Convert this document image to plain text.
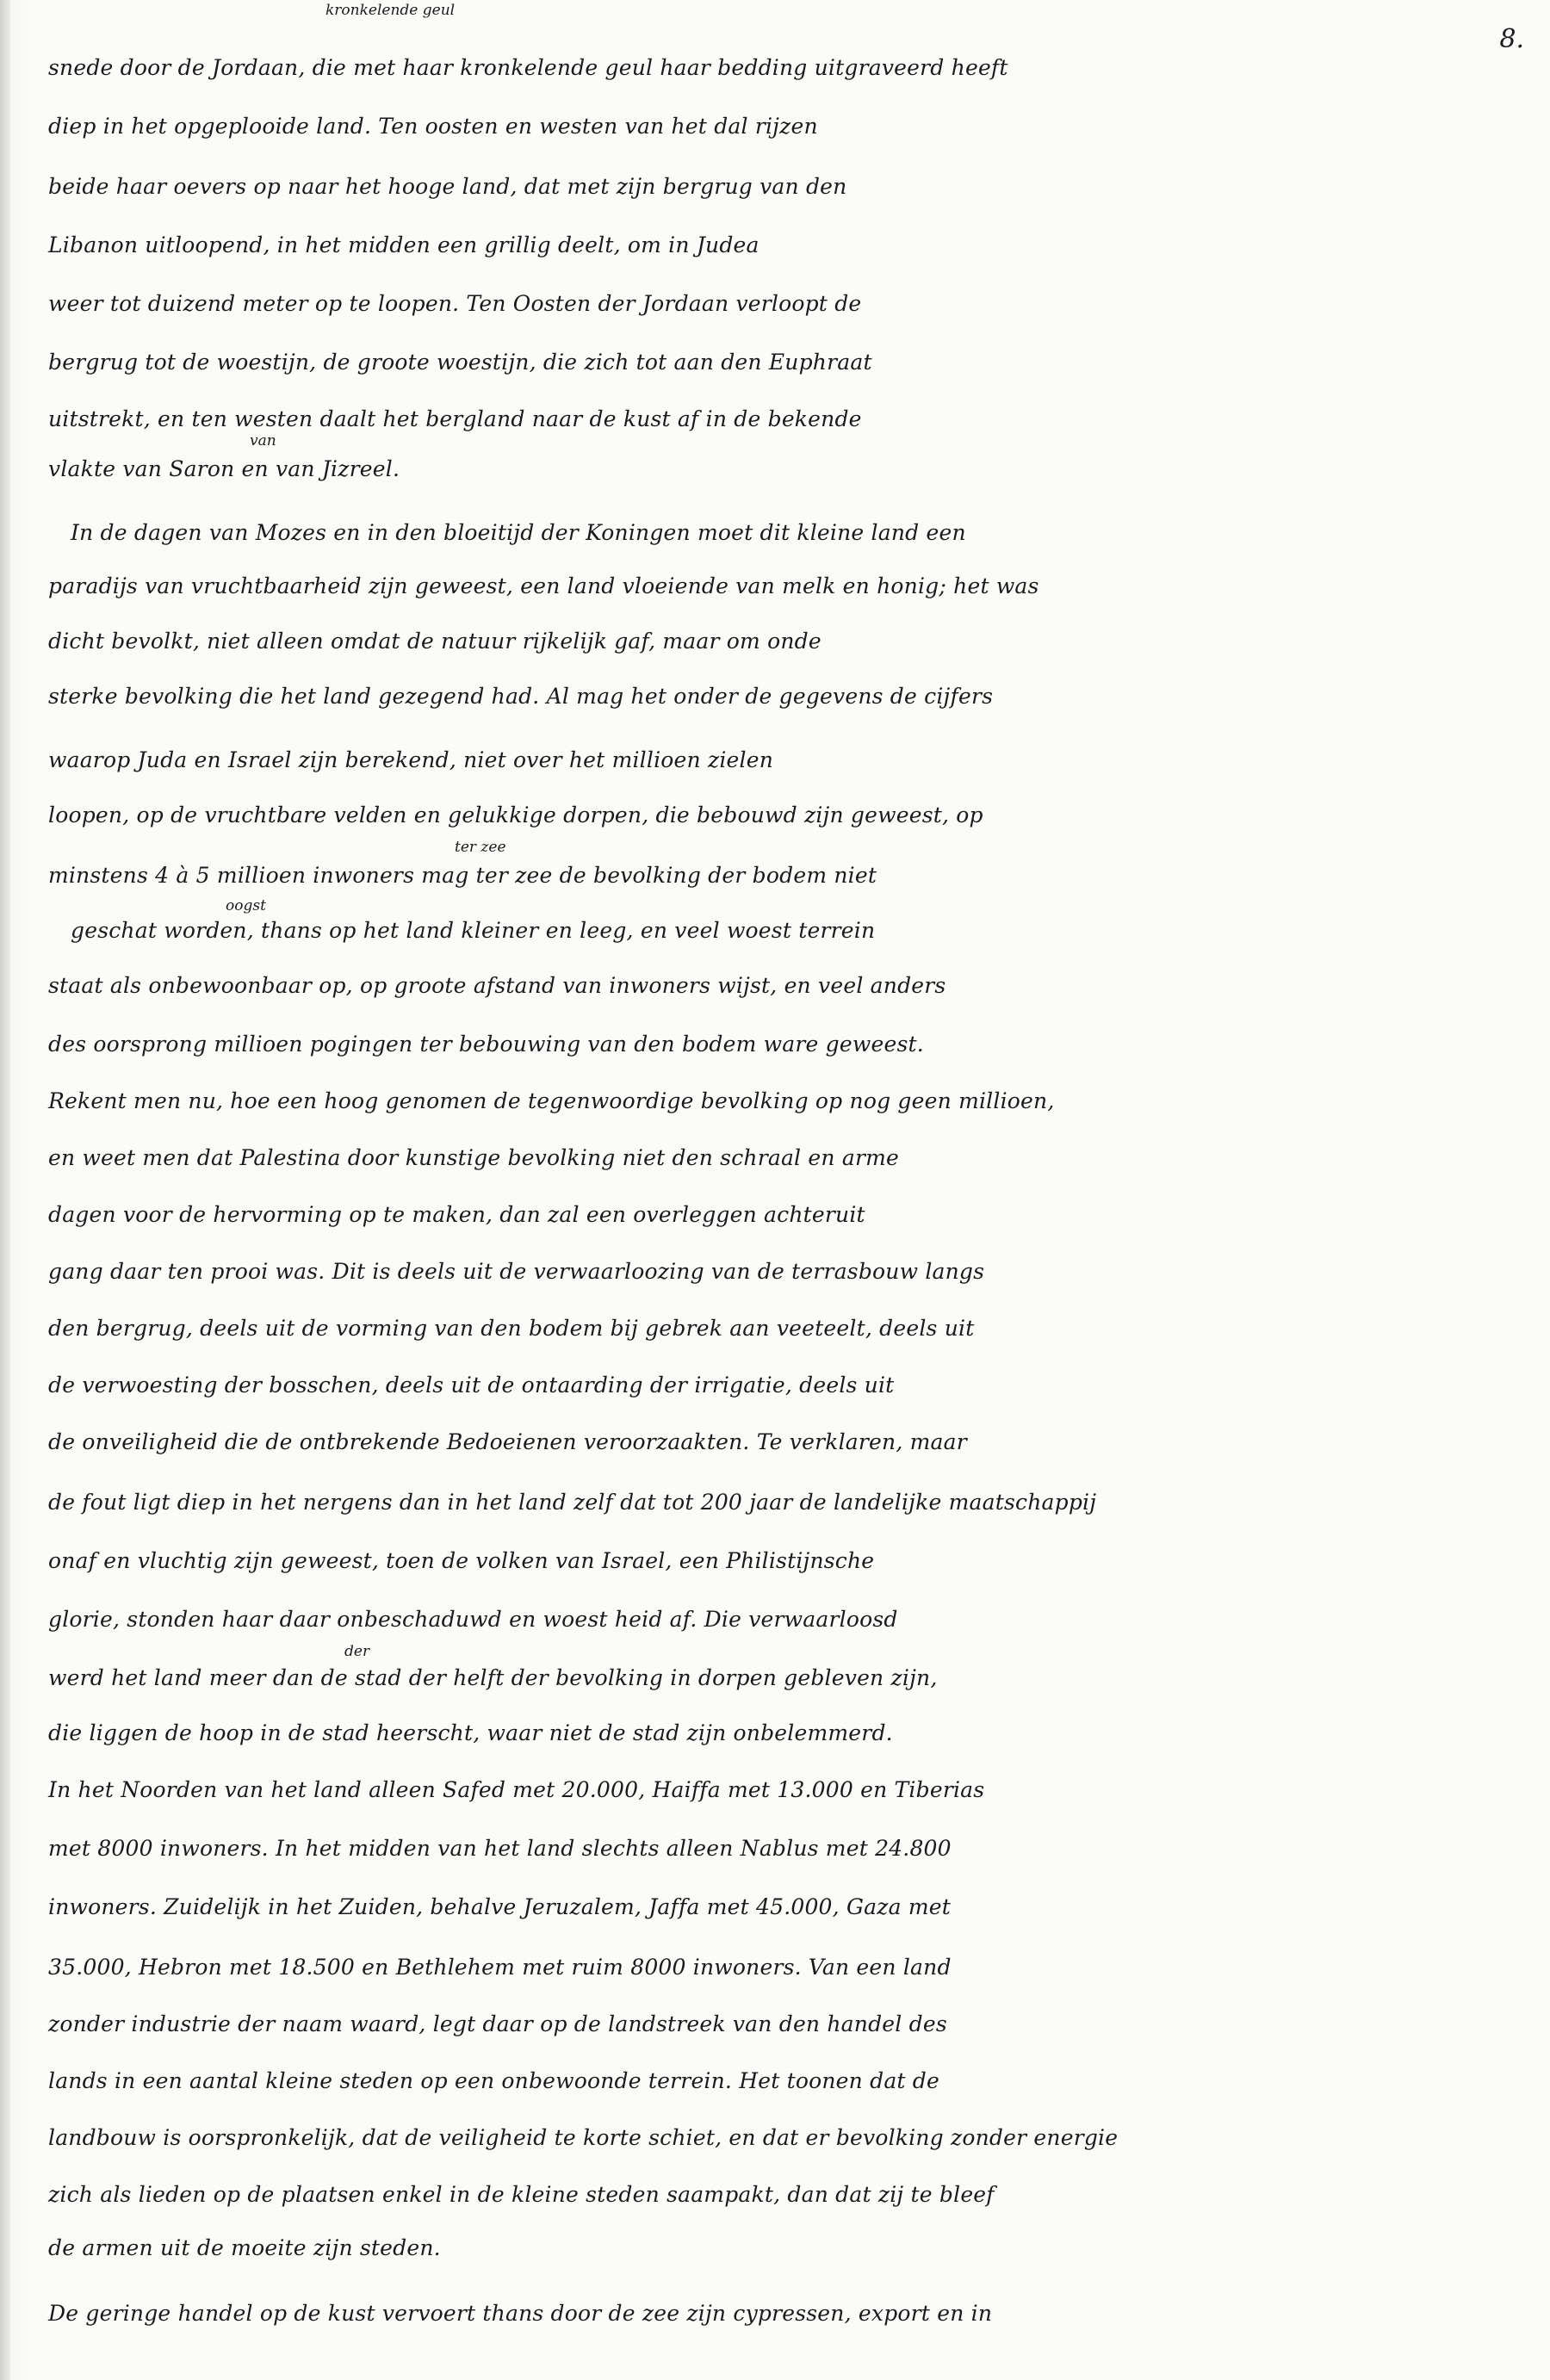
8.
kronkelende geul
van
oogst
ter zee
der
snede door de Jordaan, die met haar kronkelende geul haar bedding uitgraveerd heeft
diep in het opgeplooide land. Ten oosten en westen van het dal rijzen
beide haar oevers op naar het hooge land, dat met zijn bergrug van den
Libanon uitloopend, in het midden een grillig deelt, om in Judea
weer tot duizend meter op te loopen. Ten Oosten der Jordaan verloopt de
bergrug tot de woestijn, de groote woestijn, die zich tot aan den Euphraat
uitstrekt, en ten westen daalt het bergland naar de kust af in de bekende
vlakte van Saron en van Jizreel.
In de dagen van Mozes en in den bloeitijd der Koningen moet dit kleine land een
paradijs van vruchtbaarheid zijn geweest, een land vloeiende van melk en honig; het was
dicht bevolkt, niet alleen omdat de natuur rijkelijk gaf, maar om onde
sterke bevolking die het land gezegend had. Al mag het onder de gegevens de cijfers
waarop Juda en Israel zijn berekend, niet over het millioen zielen
loopen, op de vruchtbare velden en gelukkige dorpen, die bebouwd zijn geweest, op
minstens 4 à 5 millioen inwoners mag ter zee de bevolking der bodem niet
geschat worden, thans op het land kleiner en leeg, en veel woest terrein
staat als onbewoonbaar op, op groote afstand van inwoners wijst, en veel anders
des oorsprong millioen pogingen ter bebouwing van den bodem ware geweest.
Rekent men nu, hoe een hoog genomen de tegenwoordige bevolking op nog geen millioen,
en weet men dat Palestina door kunstige bevolking niet den schraal en arme
dagen voor de hervorming op te maken, dan zal een overleggen achteruit
gang daar ten prooi was. Dit is deels uit de verwaarloozing van de terrasbouw langs
den bergrug, deels uit de vorming van den bodem bij gebrek aan veeteelt, deels uit
de verwoesting der bosschen, deels uit de ontaarding der irrigatie, deels uit
de onveiligheid die de ontbrekende Bedoeienen veroorzaakten. Te verklaren, maar
de fout ligt diep in het nergens dan in het land zelf dat tot 200 jaar de landelijke maatschappij
onaf en vluchtig zijn geweest, toen de volken van Israel, een Philistijnsche
glorie, stonden haar daar onbeschaduwd en woest heid af. Die verwaarloosd
werd het land meer dan de stad der helft der bevolking in dorpen gebleven zijn,
die liggen de hoop in de stad heerscht, waar niet de stad zijn onbelemmerd.
In het Noorden van het land alleen Safed met 20.000, Haiffa met 13.000 en Tiberias
met 8000 inwoners. In het midden van het land slechts alleen Nablus met 24.800
inwoners. Zuidelijk in het Zuiden, behalve Jeruzalem, Jaffa met 45.000, Gaza met
35.000, Hebron met 18.500 en Bethlehem met ruim 8000 inwoners. Van een land
zonder industrie der naam waard, legt daar op de landstreek van den handel des
lands in een aantal kleine steden op een onbewoonde terrein. Het toonen dat de
landbouw is oorspronkelijk, dat de veiligheid te korte schiet, en dat er bevolking zonder energie
zich als lieden op de plaatsen enkel in de kleine steden saampakt, dan dat zij te bleef
de armen uit de moeite zijn steden.
De geringe handel op de kust vervoert thans door de zee zijn cypressen, export en in
